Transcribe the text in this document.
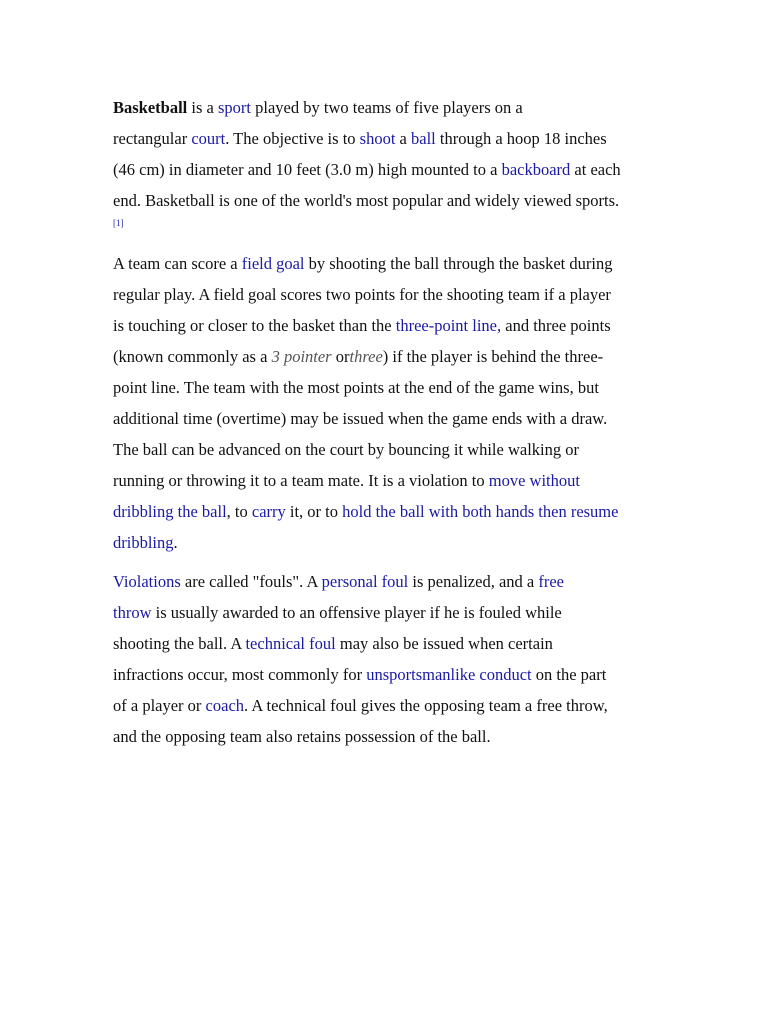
Basketball is a sport played by two teams of five players on a
rectangular court. The objective is to shoot a ball through a hoop 18 inches
(46 cm) in diameter and 10 feet (3.0 m) high mounted to a backboard at each
end. Basketball is one of the world's most popular and widely viewed sports.
[1]
A team can score a field goal by shooting the ball through the basket during
regular play. A field goal scores two points for the shooting team if a player
is touching or closer to the basket than the three-point line, and three points
(known commonly as a 3 pointer orthree) if the player is behind the three-
point line. The team with the most points at the end of the game wins, but
additional time (overtime) may be issued when the game ends with a draw.
The ball can be advanced on the court by bouncing it while walking or
running or throwing it to a team mate. It is a violation to move without
dribbling the ball, to carry it, or to hold the ball with both hands then resume
dribbling.
Violations are called "fouls". A personal foul is penalized, and a free
throw is usually awarded to an offensive player if he is fouled while
shooting the ball. A technical foul may also be issued when certain
infractions occur, most commonly for unsportsmanlike conduct on the part
of a player or coach. A technical foul gives the opposing team a free throw,
and the opposing team also retains possession of the ball.
